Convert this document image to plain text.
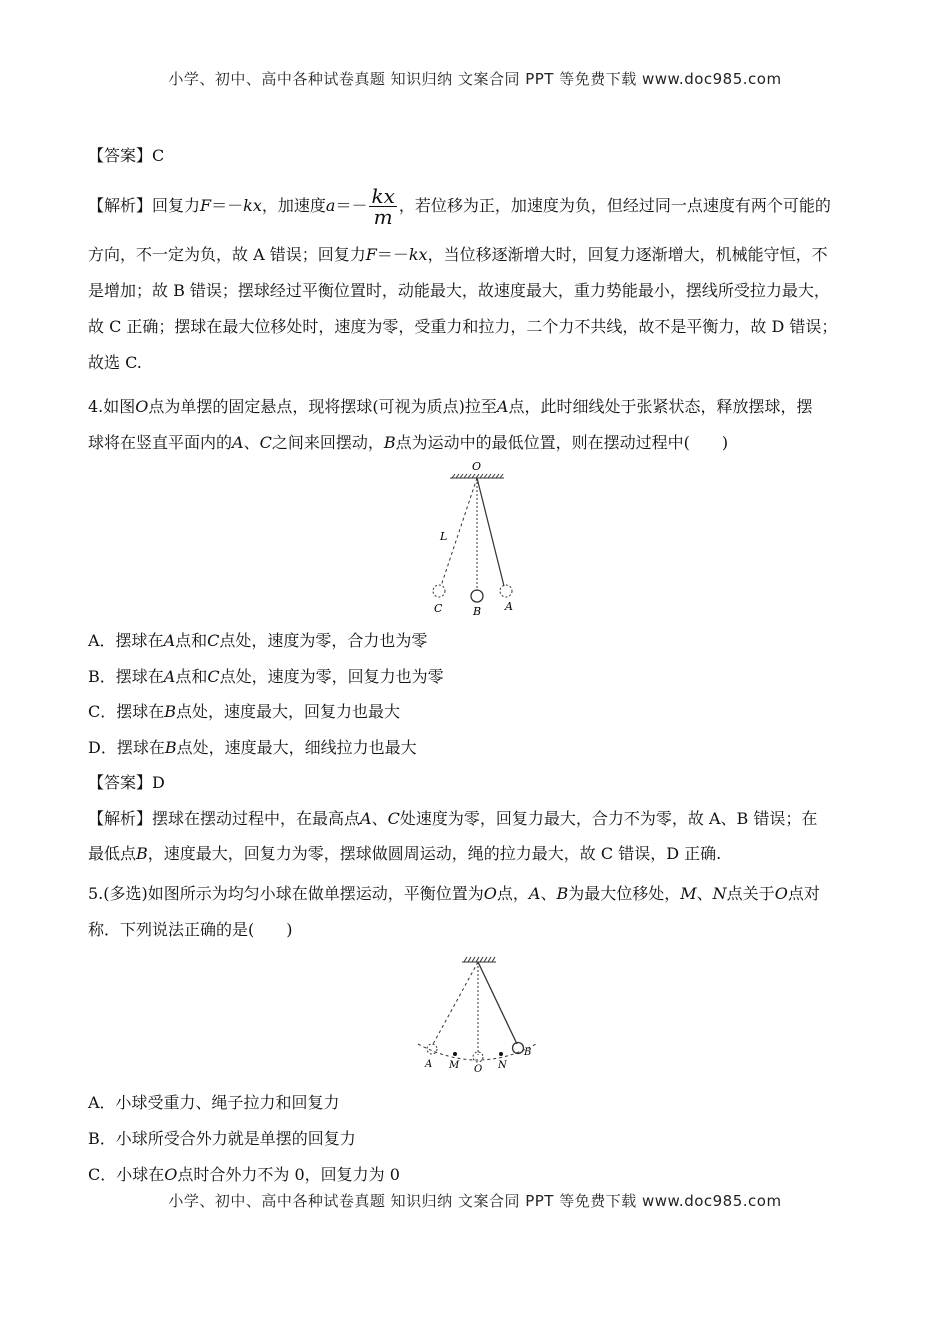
小学、初中、高中各种试卷真题 知识归纳 文案合同 PPT 等免费下载 www.doc985.com
【答案】C
【解析】回复力F＝－kx，加速度$a=- \frac{kx}{m}$ ，若位移为正，加速度为负，但经过同一点速度有两个可能的
方向，不一定为负，故 A 错误；回复力F＝－kx，当位移逐渐增大时，回复力逐渐增大，机械能守恒，不
是增加；故 B 错误；摆球经过平衡位置时，动能最大，故速度最大，重力势能最小，摆线所受拉力最大，
故 C 正确；摆球在最大位移处时，速度为零，受重力和拉力，二个力不共线，故不是平衡力，故 D 错误；
故选 C.
4.如图O点为单摆的固定悬点，现将摆球(可视为质点)拉至A点，此时细线处于张紧状态，释放摆球，摆
球将在竖直平面内的A、C之间来回摆动，B点为运动中的最低位置，则在摆动过程中(　　)
O
L
C	B A
A．摆球在A点和C点处，速度为零，合力也为零
B．摆球在A点和C点处，速度为零，回复力也为零
C．摆球在B点处，速度最大，回复力也最大
D．摆球在B点处，速度最大，细线拉力也最大
【答案】D
【解析】摆球在摆动过程中，在最高点A、C处速度为零，回复力最大，合力不为零，故 A、B 错误；在
最低点B，速度最大，回复力为零，摆球做圆周运动，绳的拉力最大，故 C 错误，D 正确.
5.(多选)如图所示为均匀小球在做单摆运动，平衡位置为O点，A、B为最大位移处，M、N点关于O点对
称．下列说法正确的是(　　)
A M O N
B
A．小球受重力、绳子拉力和回复力
B．小球所受合外力就是单摆的回复力
C．小球在O点时合外力不为 0，回复力为 0
小学、初中、高中各种试卷真题 知识归纳 文案合同 PPT 等免费下载 www.doc985.com
